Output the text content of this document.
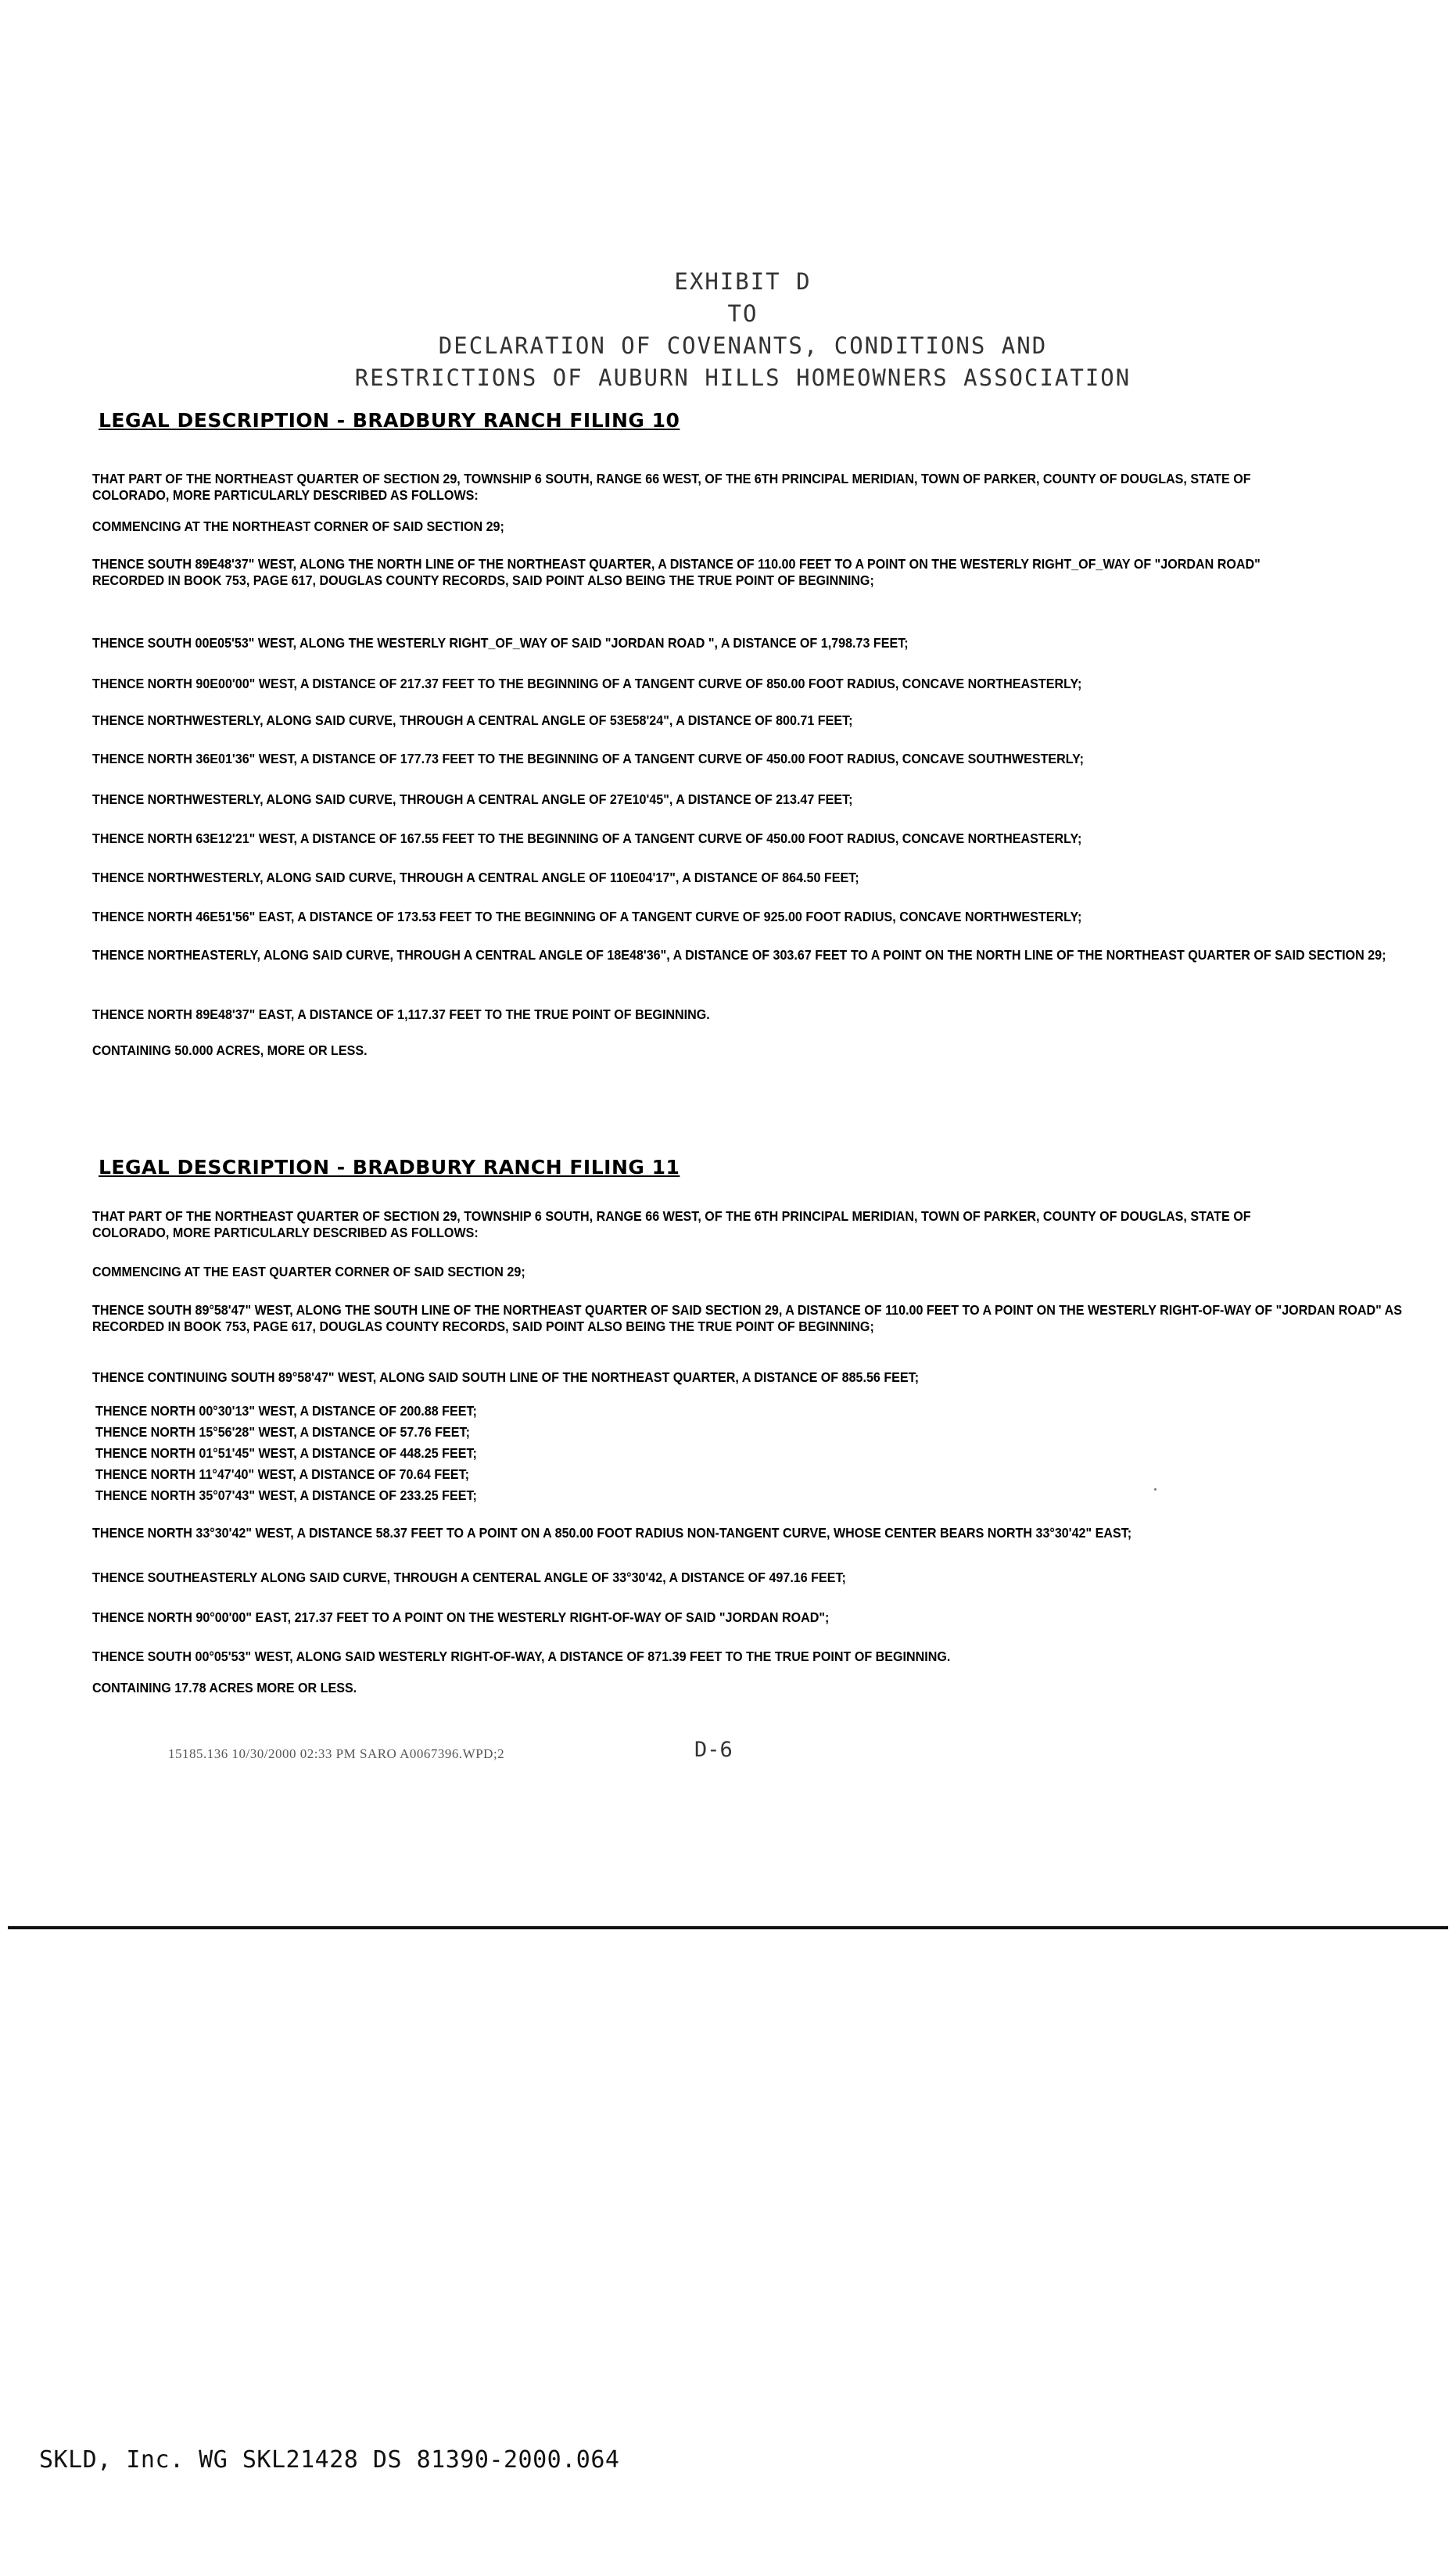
EXHIBIT D
TO
DECLARATION OF COVENANTS, CONDITIONS AND
RESTRICTIONS OF AUBURN HILLS HOMEOWNERS ASSOCIATION
LEGAL DESCRIPTION - BRADBURY RANCH FILING 10
THAT PART OF THE NORTHEAST QUARTER OF SECTION 29, TOWNSHIP 6 SOUTH, RANGE 66 WEST, OF THE 6TH PRINCIPAL MERIDIAN, TOWN OF PARKER, COUNTY OF DOUGLAS, STATE OF COLORADO, MORE PARTICULARLY DESCRIBED AS FOLLOWS:
COMMENCING AT THE NORTHEAST CORNER OF SAID SECTION 29;
THENCE SOUTH 89E48'37" WEST, ALONG THE NORTH LINE OF THE NORTHEAST QUARTER, A DISTANCE OF 110.00 FEET TO A POINT ON THE WESTERLY RIGHT_OF_WAY OF "JORDAN ROAD" RECORDED IN BOOK 753, PAGE 617, DOUGLAS COUNTY RECORDS, SAID POINT ALSO BEING THE TRUE POINT OF BEGINNING;
THENCE SOUTH 00E05'53" WEST, ALONG THE WESTERLY RIGHT_OF_WAY OF SAID "JORDAN ROAD ", A DISTANCE OF 1,798.73 FEET;
THENCE NORTH 90E00'00" WEST, A DISTANCE OF 217.37 FEET TO THE BEGINNING OF A TANGENT CURVE OF 850.00 FOOT RADIUS, CONCAVE NORTHEASTERLY;
THENCE NORTHWESTERLY, ALONG SAID CURVE, THROUGH A CENTRAL ANGLE OF 53E58'24", A DISTANCE OF 800.71 FEET;
THENCE NORTH 36E01'36" WEST, A DISTANCE OF 177.73 FEET TO THE BEGINNING OF A TANGENT CURVE OF 450.00 FOOT RADIUS, CONCAVE SOUTHWESTERLY;
THENCE NORTHWESTERLY, ALONG SAID CURVE, THROUGH A CENTRAL ANGLE OF 27E10'45", A DISTANCE OF 213.47 FEET;
THENCE NORTH 63E12'21" WEST, A DISTANCE OF 167.55 FEET TO THE BEGINNING OF A TANGENT CURVE OF 450.00 FOOT RADIUS, CONCAVE NORTHEASTERLY;
THENCE NORTHWESTERLY, ALONG SAID CURVE, THROUGH A CENTRAL ANGLE OF 110E04'17", A DISTANCE OF 864.50 FEET;
THENCE NORTH 46E51'56" EAST, A DISTANCE OF 173.53 FEET TO THE BEGINNING OF A TANGENT CURVE OF 925.00 FOOT RADIUS, CONCAVE NORTHWESTERLY;
THENCE NORTHEASTERLY, ALONG SAID CURVE, THROUGH A CENTRAL ANGLE OF 18E48'36", A DISTANCE OF 303.67 FEET TO A POINT ON THE NORTH LINE OF THE NORTHEAST QUARTER OF SAID SECTION 29;
THENCE NORTH 89E48'37" EAST, A DISTANCE OF 1,117.37 FEET TO THE TRUE POINT OF BEGINNING.
CONTAINING 50.000 ACRES, MORE OR LESS.
LEGAL DESCRIPTION - BRADBURY RANCH FILING 11
THAT PART OF THE NORTHEAST QUARTER OF SECTION 29, TOWNSHIP 6 SOUTH, RANGE 66 WEST, OF THE 6TH PRINCIPAL MERIDIAN, TOWN OF PARKER, COUNTY OF DOUGLAS, STATE OF COLORADO, MORE PARTICULARLY DESCRIBED AS FOLLOWS:
COMMENCING AT THE EAST QUARTER CORNER OF SAID SECTION 29;
THENCE SOUTH 89°58'47" WEST, ALONG THE SOUTH LINE OF THE NORTHEAST QUARTER OF SAID SECTION 29, A DISTANCE OF 110.00 FEET TO A POINT ON THE WESTERLY RIGHT-OF-WAY OF "JORDAN ROAD" AS RECORDED IN BOOK 753, PAGE 617, DOUGLAS COUNTY RECORDS, SAID POINT ALSO BEING THE TRUE POINT OF BEGINNING;
THENCE CONTINUING SOUTH 89°58'47" WEST, ALONG SAID SOUTH LINE OF THE NORTHEAST QUARTER, A DISTANCE OF 885.56 FEET;
THENCE NORTH 00°30'13" WEST, A DISTANCE OF 200.88 FEET;
THENCE NORTH 15°56'28" WEST, A DISTANCE OF 57.76 FEET;
THENCE NORTH 01°51'45" WEST, A DISTANCE OF 448.25 FEET;
THENCE NORTH 11°47'40" WEST, A DISTANCE OF 70.64 FEET;
THENCE NORTH 35°07'43" WEST, A DISTANCE OF 233.25 FEET;
THENCE NORTH 33°30'42" WEST, A DISTANCE 58.37 FEET TO A POINT ON A 850.00 FOOT RADIUS NON-TANGENT CURVE, WHOSE CENTER BEARS NORTH 33°30'42" EAST;
THENCE SOUTHEASTERLY ALONG SAID CURVE, THROUGH A CENTERAL ANGLE OF 33°30'42, A DISTANCE OF 497.16 FEET;
THENCE NORTH 90°00'00" EAST, 217.37 FEET TO A POINT ON THE WESTERLY RIGHT-OF-WAY OF SAID "JORDAN ROAD";
THENCE SOUTH 00°05'53" WEST, ALONG SAID WESTERLY RIGHT-OF-WAY, A DISTANCE OF 871.39 FEET TO THE TRUE POINT OF BEGINNING.
CONTAINING 17.78 ACRES MORE OR LESS.
15185.136 10/30/2000 02:33 PM SARO A0067396.WPD;2	D-6
SKLD, Inc. WG SKL21428 DS 81390-2000.064
